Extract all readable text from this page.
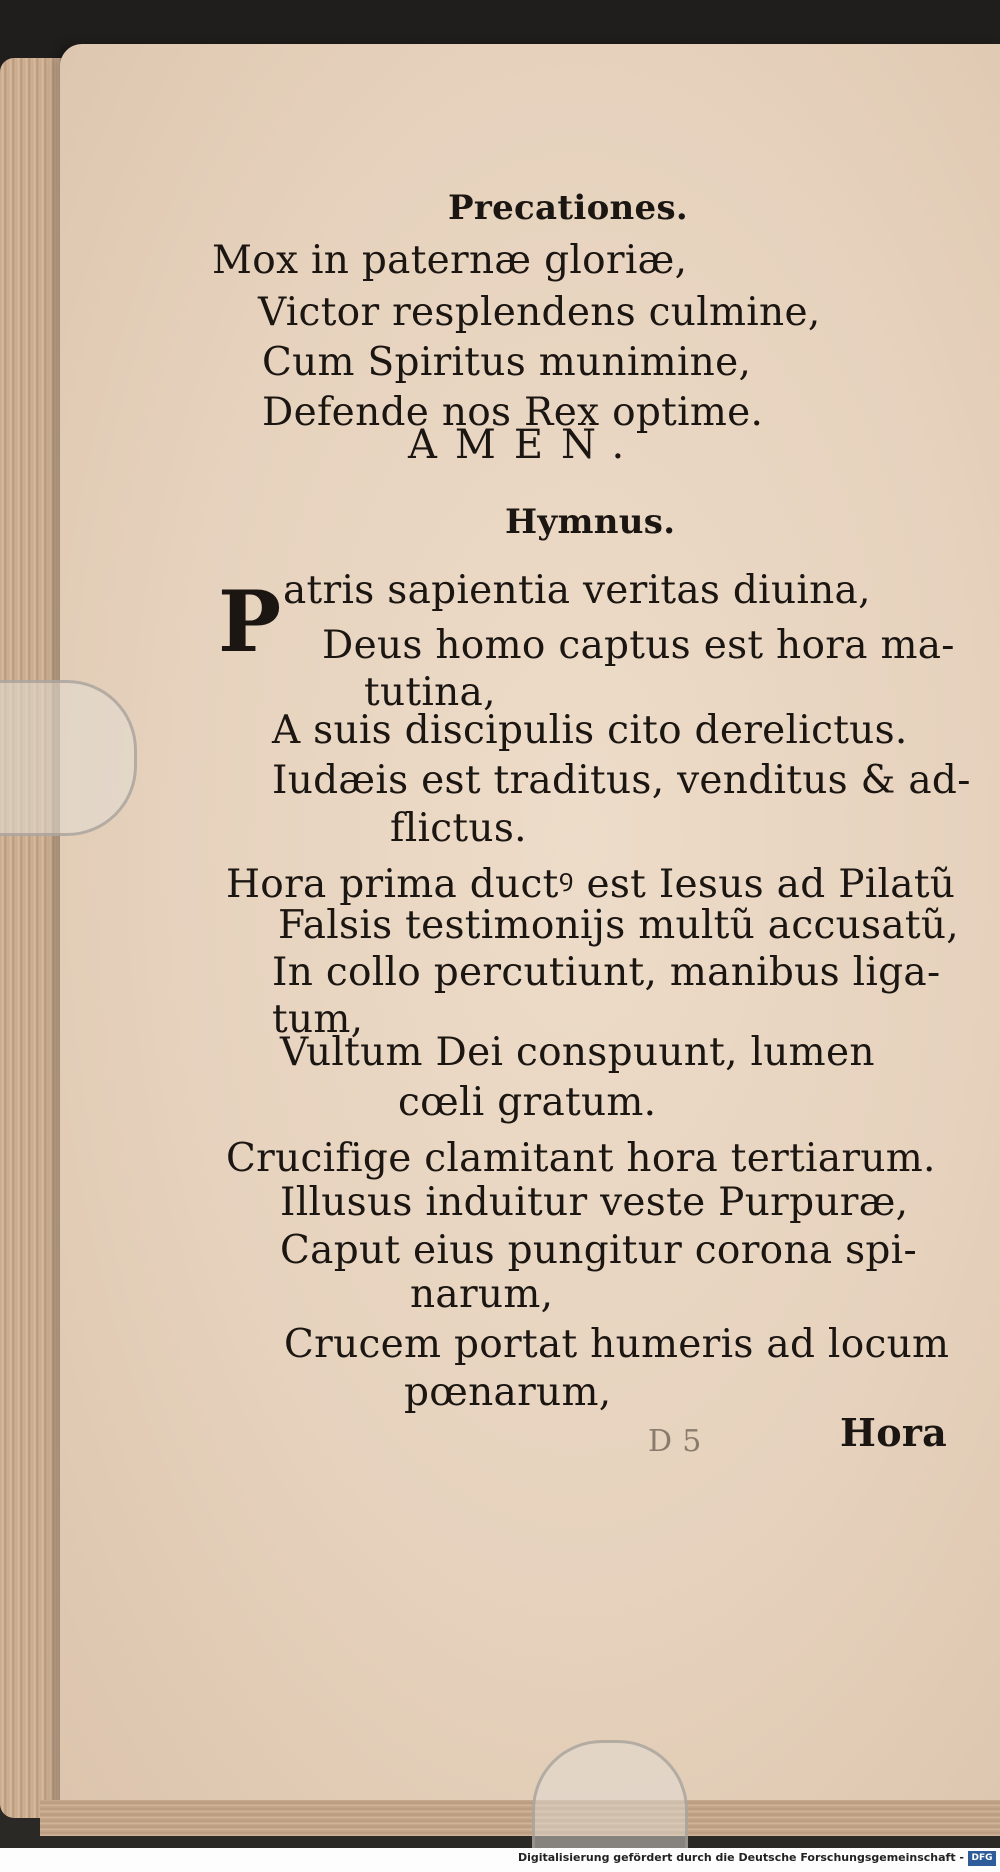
Precationes.
Mox in paternæ gloriæ,
Victor resplendens culmine,
Cum Spiritus munimine,
Defende nos Rex optime.
AMEN.
Hymnus.
P atris sapientia veritas diuina,
Deus homo captus est hora ma-
tutina,
A suis discipulis cito derelictus.
Iudæis est traditus, venditus & ad-
flictus.
Hora prima ductꝰ est Iesus ad Pilatũ
Falsis testimonijs multũ accusatũ,
In collo percutiunt, manibus liga-
tum,
Vultum Dei conspuunt, lumen
cœli gratum.
Crucifige clamitant hora tertiarum.
Illusus induitur veste Purpuræ,
Caput eius pungitur corona spi-
narum,
Crucem portat humeris ad locum
pœnarum,
D 5	Hora
Digitalisierung gefördert durch die Deutsche Forschungsgemeinschaft - DFG
